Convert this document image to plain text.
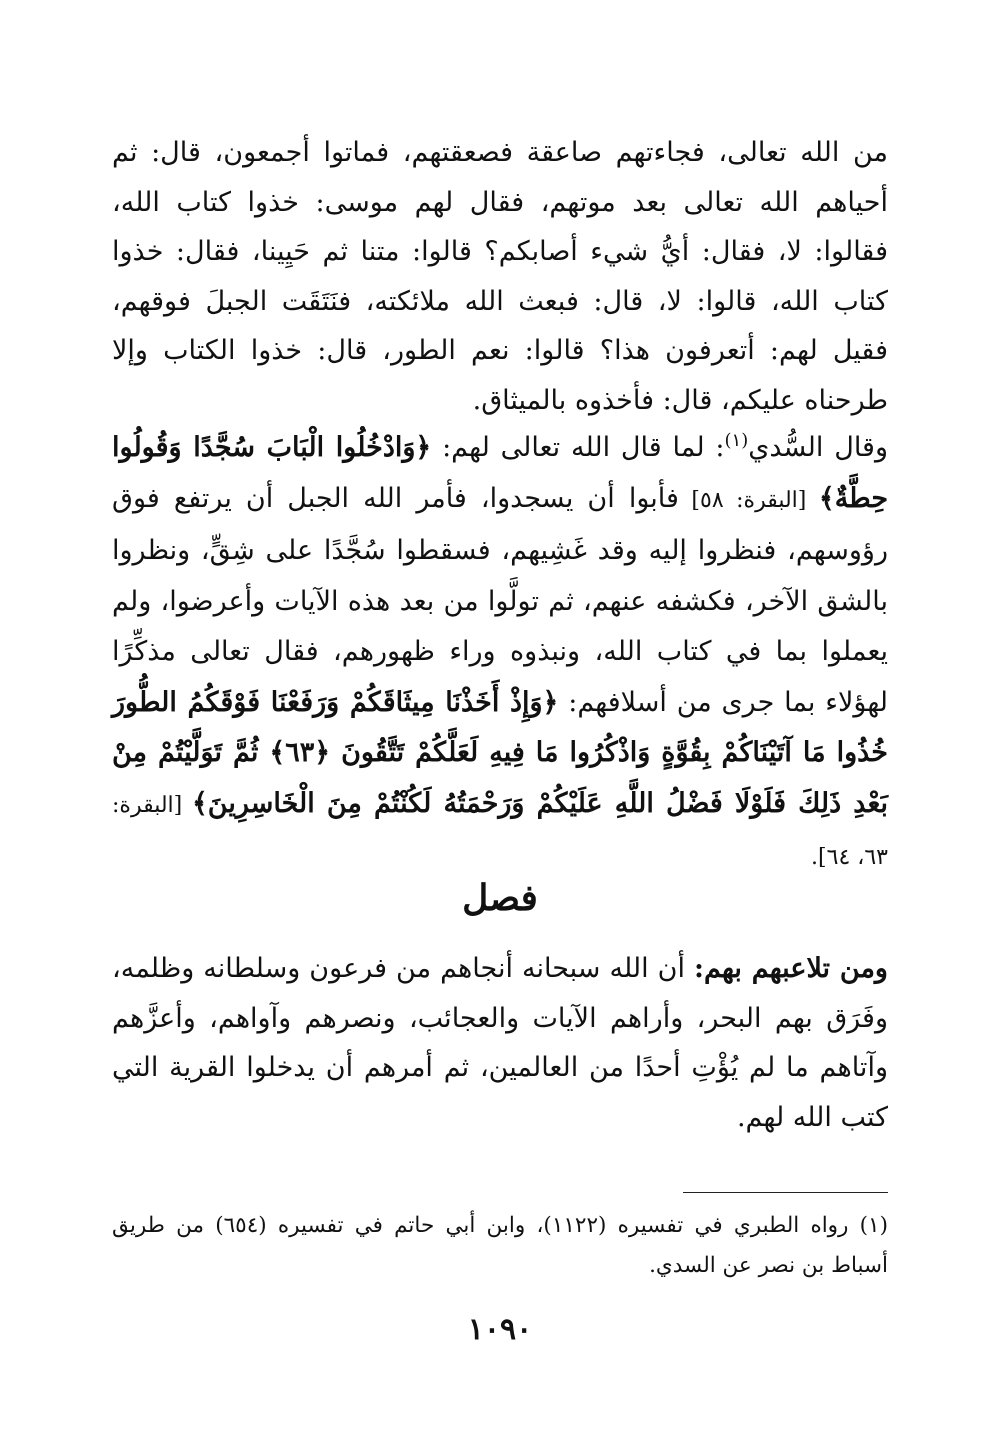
من الله تعالى، فجاءتهم صاعقة فصعقتهم، فماتوا أجمعون، قال: ثم أحياهم الله تعالى بعد موتهم، فقال لهم موسى: خذوا كتاب الله، فقالوا: لا، فقال: أيُّ شيء أصابكم؟ قالوا: متنا ثم حَيِينا، فقال: خذوا كتاب الله، قالوا: لا، قال: فبعث الله ملائكته، فنَتَقَت الجبلَ فوقهم، فقيل لهم: أتعرفون هذا؟ قالوا: نعم الطور، قال: خذوا الكتاب وإلا طرحناه عليكم، قال: فأخذوه بالميثاق.

وقال السُّدي$^{(١)}$: لما قال الله تعالى لهم: ﴿وَادْخُلُوا الْبَابَ سُجَّدًا وَقُولُوا حِطَّةٌ﴾ [البقرة: ٥٨] فأبوا أن يسجدوا، فأمر الله الجبل أن يرتفع فوق رؤوسهم، فنظروا إليه وقد غَشِيهم، فسقطوا سُجَّدًا على شِقٍّ، ونظروا بالشق الآخر، فكشفه عنهم، ثم تولَّوا من بعد هذه الآيات وأعرضوا، ولم يعملوا بما في كتاب الله، ونبذوه وراء ظهورهم، فقال تعالى مذكِّرًا لهؤلاء بما جرى من أسلافهم: ﴿وَإِذْ أَخَذْنَا مِيثَاقَكُمْ وَرَفَعْنَا فَوْقَكُمُ الطُّورَ خُذُوا مَا آتَيْنَاكُمْ بِقُوَّةٍ وَاذْكُرُوا مَا فِيهِ لَعَلَّكُمْ تَتَّقُونَ ﴿٦٣﴾ ثُمَّ تَوَلَّيْتُمْ مِنْ بَعْدِ ذَلِكَ فَلَوْلَا فَضْلُ اللَّهِ عَلَيْكُمْ وَرَحْمَتُهُ لَكُنْتُمْ مِنَ الْخَاسِرِينَ﴾ [البقرة: ٦٣، ٦٤].

فصل

ومن تلاعبهم بهم: أن الله سبحانه أنجاهم من فرعون وسلطانه وظلمه، وفَرَق بهم البحر، وأراهم الآيات والعجائب، ونصرهم وآواهم، وأعزَّهم وآتاهم ما لم يُؤْتِ أحدًا من العالمين، ثم أمرهم أن يدخلوا القرية التي كتب الله لهم.

(١) رواه الطبري في تفسيره (١١٢٢)، وابن أبي حاتم في تفسيره (٦٥٤) من طريق أسباط بن نصر عن السدي.

١٠٩٠
